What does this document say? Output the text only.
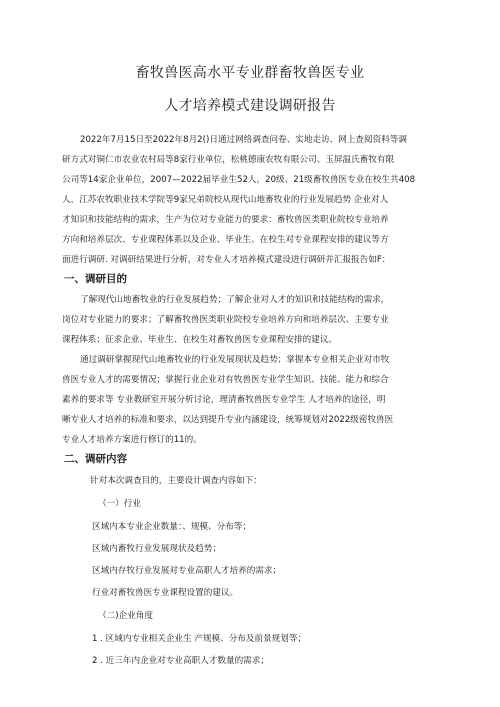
畜牧兽医高水平专业群畜牧兽医专业
人才培养模式建设调研报告
2022年7月15日至2022年8月2()日通过网络调查问卷、实地走访、网上查阅资料等调
研方式对铜仁市农业农村局等8家行业单位，松桃德康农牧有限公司、玉屏温氏畜牧有限
公司等14家企业单位，2007—2022届毕业生52人，20级、21级畜牧兽医专业在校生共408
人，江苏农牧职业技术学院等9家兄弟院校从现代山地畜牧业的行业发展趋势 企业对人
才知识和技能结构的需求，生产为位对专业能力的要求：畜牧兽医类职业院校专业培养
方向和培养层次、专业课程体系以及企业、毕业生、在校生对专业课程安排的建议等方
面进行调研. 对调研结果进行分析，对专业人才培养模式建设进行调研并汇报报告如F：
一、调研目的
了解现代山地畜牧业的行业发展趋势；了解企业对人才的知识和技能结构的需求，
岗位对专业能力的要求；了解畜牧兽医类职业院校专业培养方向和培养层次、主要专业
课程体系；征求企业、毕业生、在校生对畜牧兽医专业课程安排的建议。
通过调研掌握现代山地畜牧业的行业发展现状及趋势；掌握本专业相关企业对市牧
兽医专业人才的需要情况；掌握行业企业对有牧兽医专业学生知识、技能、能力和综合
素养的要求等 专业教研室开展分析讨论，理清畜牧兽医专业学生 人才培养的途径，明
晰专业人才培养的标准和要求，以达到提升专业内涵建设，统筹规划对2022级密牧兽医
专业人才培养方案进行修订的11的。
二、调研内容
针对本次调查目的，主要设计调查内容如下：
（一）行业
区域内本专业企业数量：、规模、分布等；
区域内畜牧行业发展现状及趋势；
区域内存牧行业发展对专业高职人才培养的需求；
行业对畜牧兽医专业课程设置的建议。
（二)企业角度
1 . 区域内专业相关企业生 产规模、分布及前景规划等；
2 . 近三年内企业对专业高职人才数量的需求；
